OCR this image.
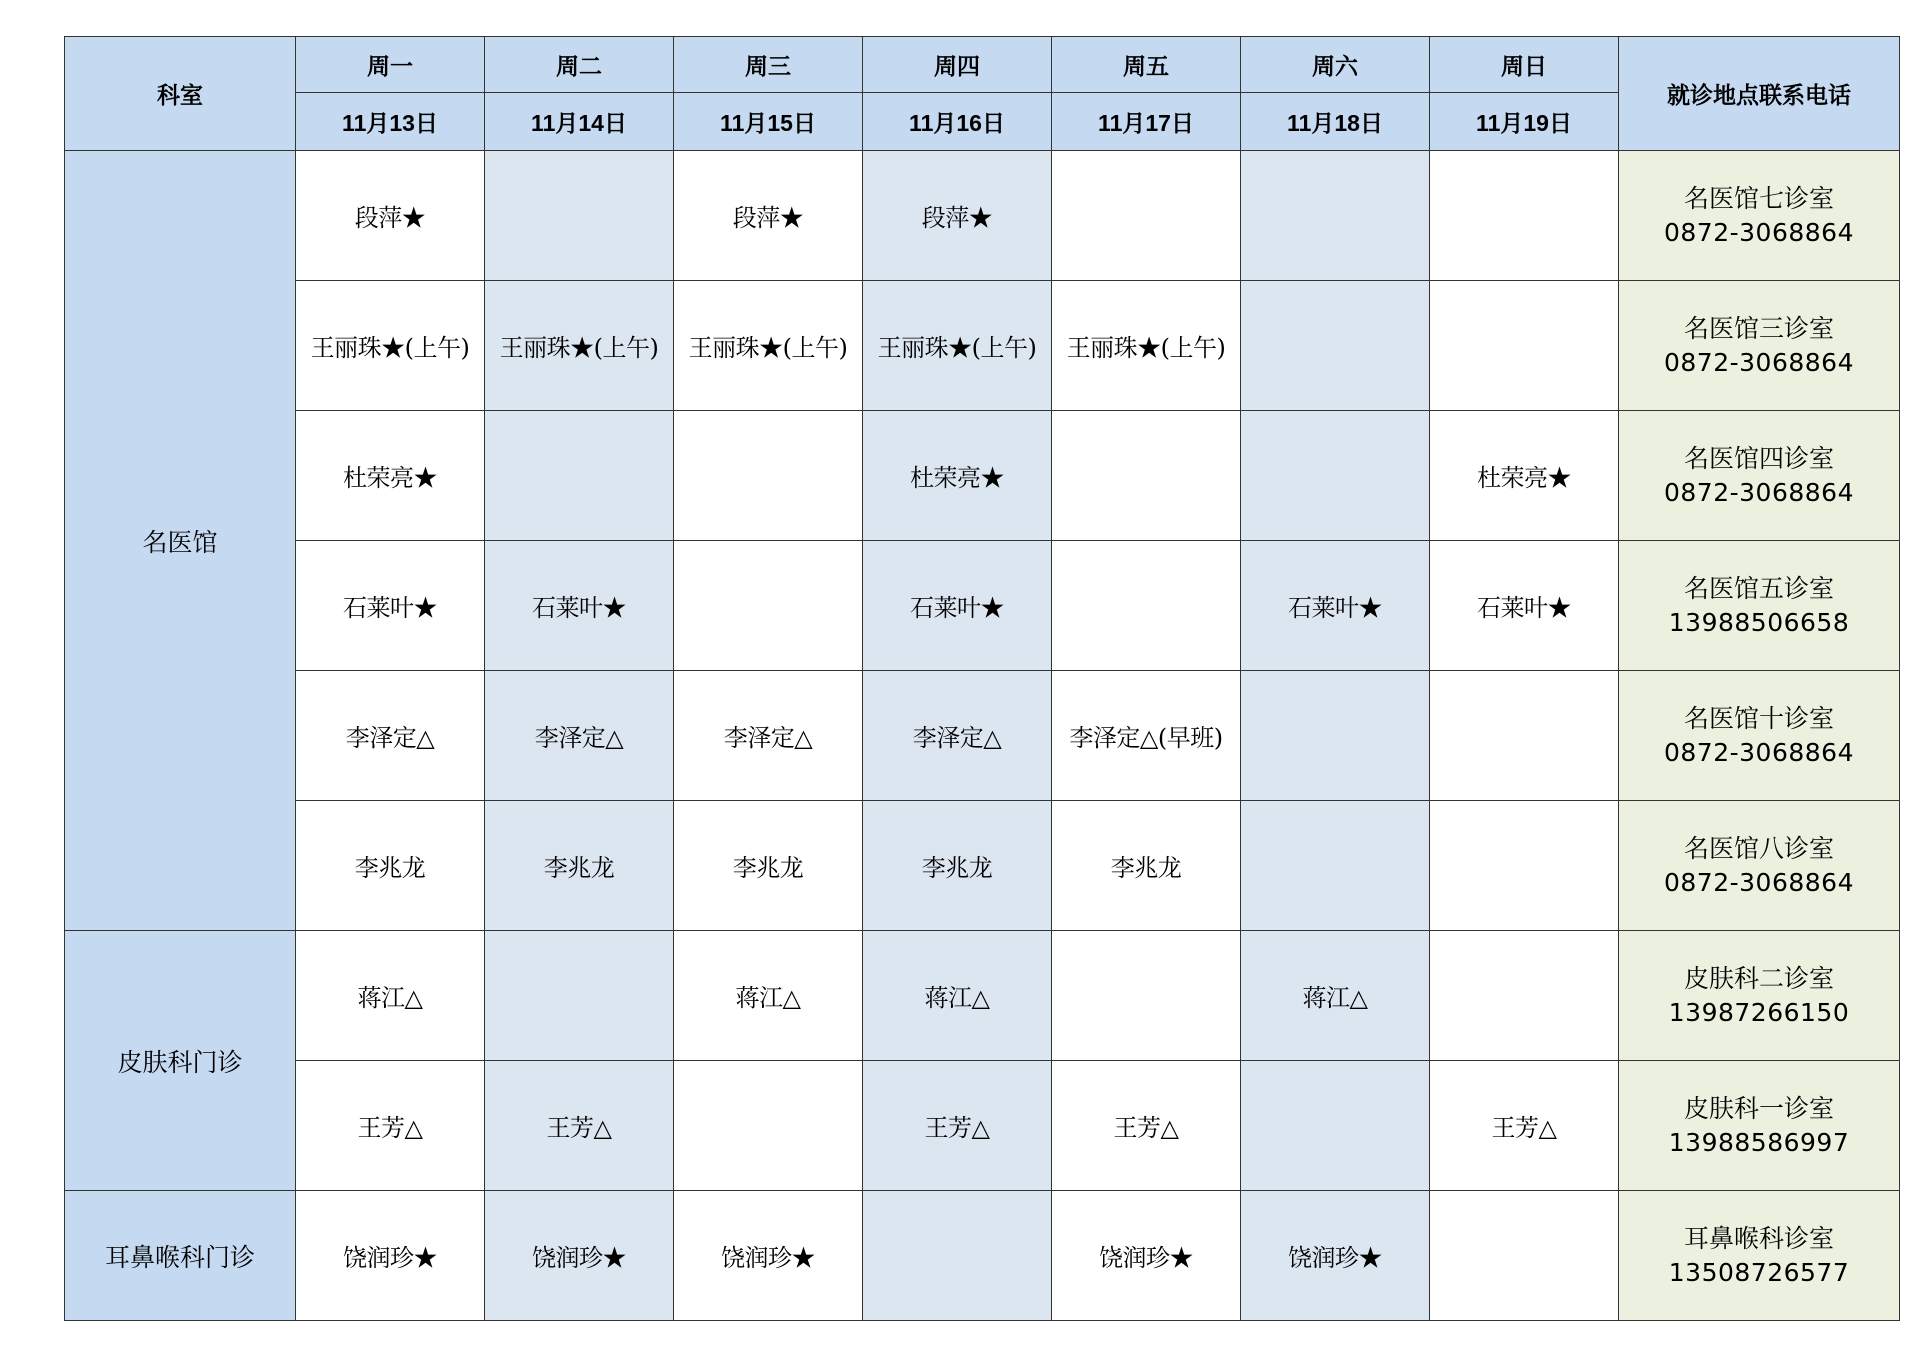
科室	周一	周二	周三	周四	周五	周六	周日	就诊地点联系电话
	11月13日	11月14日	11月15日	11月16日	11月17日	11月18日	11月19日	
名医馆	段萍★		段萍★	段萍★				名医馆七诊室
0872-3068864

	王丽珠★(上午)	王丽珠★(上午)	王丽珠★(上午)	王丽珠★(上午)	王丽珠★(上午)			名医馆三诊室
0872-3068864

	杜荣亮★			杜荣亮★			杜荣亮★	名医馆四诊室
0872-3068864

	石莱叶★	石莱叶★		石莱叶★		石莱叶★	石莱叶★	名医馆五诊室
13988506658

	李泽定△	李泽定△	李泽定△	李泽定△	李泽定△(早班)			名医馆十诊室
0872-3068864

	李兆龙	李兆龙	李兆龙	李兆龙	李兆龙			名医馆八诊室
0872-3068864

皮肤科门诊	蒋江△		蒋江△	蒋江△		蒋江△		皮肤科二诊室
13987266150

	王芳△	王芳△		王芳△	王芳△		王芳△	皮肤科一诊室
13988586997

耳鼻喉科门诊	饶润珍★	饶润珍★	饶润珍★		饶润珍★	饶润珍★		耳鼻喉科诊室
13508726577
